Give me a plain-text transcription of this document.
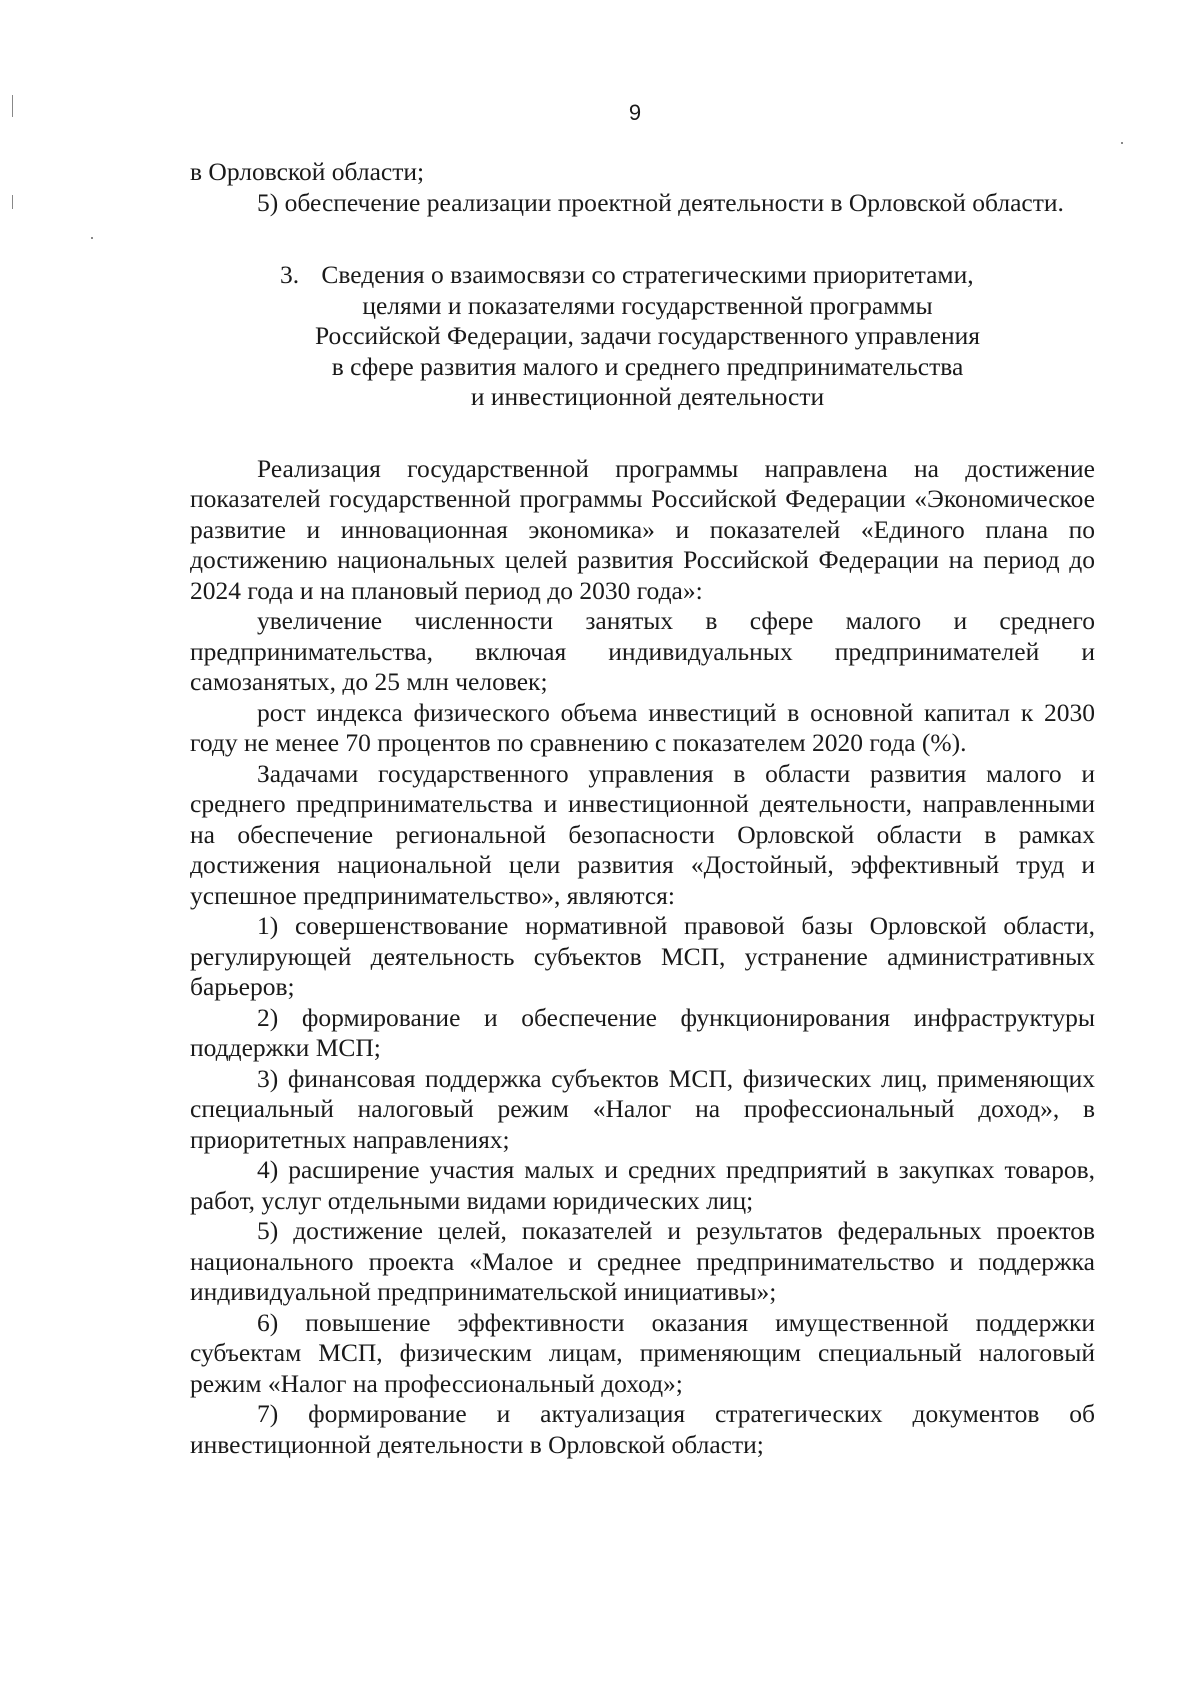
9

в Орловской области;

5) обеспечение реализации проектной деятельности в Орловской области.

3. Сведения о взаимосвязи со стратегическими приоритетами,
целями и показателями государственной программы
Российской Федерации, задачи государственного управления
в сфере развития малого и среднего предпринимательства
и инвестиционной деятельности

Реализация государственной программы направлена на достижение показателей государственной программы Российской Федерации «Экономическое развитие и инновационная экономика» и показателей «Единого плана по достижению национальных целей развития Российской Федерации на период до 2024 года и на плановый период до 2030 года»:

увеличение численности занятых в сфере малого и среднего предпринимательства, включая индивидуальных предпринимателей и самозанятых, до 25 млн человек;

рост индекса физического объема инвестиций в основной капитал к 2030 году не менее 70 процентов по сравнению с показателем 2020 года (%).

Задачами государственного управления в области развития малого и среднего предпринимательства и инвестиционной деятельности, направленными на обеспечение региональной безопасности Орловской области в рамках достижения национальной цели развития «Достойный, эффективный труд и успешное предпринимательство», являются:

1) совершенствование нормативной правовой базы Орловской области, регулирующей деятельность субъектов МСП, устранение административных барьеров;

2) формирование и обеспечение функционирования инфраструктуры поддержки МСП;

3) финансовая поддержка субъектов МСП, физических лиц, применяющих специальный налоговый режим «Налог на профессиональный доход», в приоритетных направлениях;

4) расширение участия малых и средних предприятий в закупках товаров, работ, услуг отдельными видами юридических лиц;

5) достижение целей, показателей и результатов федеральных проектов национального проекта «Малое и среднее предпринимательство и поддержка индивидуальной предпринимательской инициативы»;

6) повышение эффективности оказания имущественной поддержки субъектам МСП, физическим лицам, применяющим специальный налоговый режим «Налог на профессиональный доход»;

7) формирование и актуализация стратегических документов об инвестиционной деятельности в Орловской области;
